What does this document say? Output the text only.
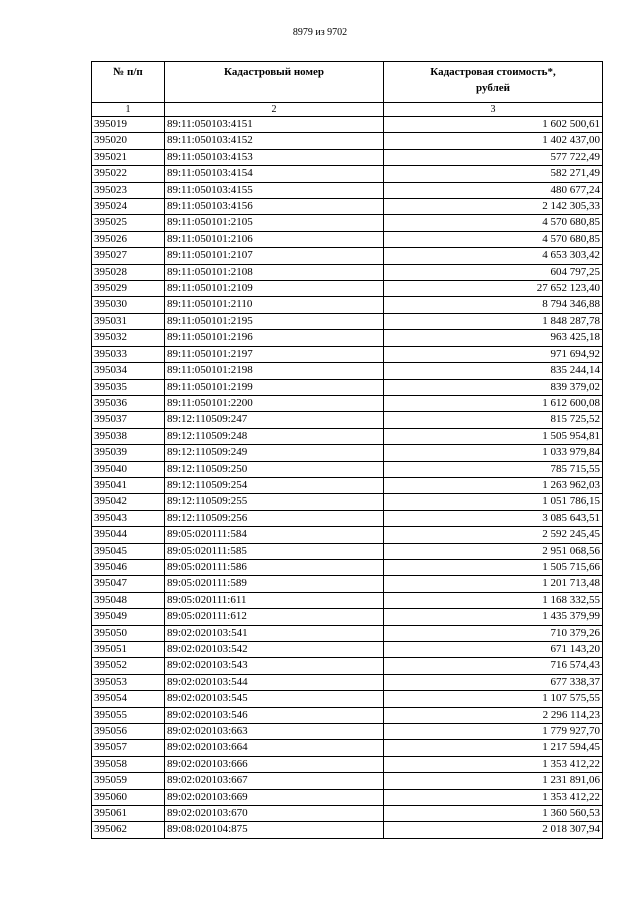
8979 из 9702
№ п/п	Кадастровый номер	Кадастровая стоимость*,
рублей
1	2	3
395019	89:11:050103:4151	1 602 500,61
395020	89:11:050103:4152	1 402 437,00
395021	89:11:050103:4153	577 722,49
395022	89:11:050103:4154	582 271,49
395023	89:11:050103:4155	480 677,24
395024	89:11:050103:4156	2 142 305,33
395025	89:11:050101:2105	4 570 680,85
395026	89:11:050101:2106	4 570 680,85
395027	89:11:050101:2107	4 653 303,42
395028	89:11:050101:2108	604 797,25
395029	89:11:050101:2109	27 652 123,40
395030	89:11:050101:2110	8 794 346,88
395031	89:11:050101:2195	1 848 287,78
395032	89:11:050101:2196	963 425,18
395033	89:11:050101:2197	971 694,92
395034	89:11:050101:2198	835 244,14
395035	89:11:050101:2199	839 379,02
395036	89:11:050101:2200	1 612 600,08
395037	89:12:110509:247	815 725,52
395038	89:12:110509:248	1 505 954,81
395039	89:12:110509:249	1 033 979,84
395040	89:12:110509:250	785 715,55
395041	89:12:110509:254	1 263 962,03
395042	89:12:110509:255	1 051 786,15
395043	89:12:110509:256	3 085 643,51
395044	89:05:020111:584	2 592 245,45
395045	89:05:020111:585	2 951 068,56
395046	89:05:020111:586	1 505 715,66
395047	89:05:020111:589	1 201 713,48
395048	89:05:020111:611	1 168 332,55
395049	89:05:020111:612	1 435 379,99
395050	89:02:020103:541	710 379,26
395051	89:02:020103:542	671 143,20
395052	89:02:020103:543	716 574,43
395053	89:02:020103:544	677 338,37
395054	89:02:020103:545	1 107 575,55
395055	89:02:020103:546	2 296 114,23
395056	89:02:020103:663	1 779 927,70
395057	89:02:020103:664	1 217 594,45
395058	89:02:020103:666	1 353 412,22
395059	89:02:020103:667	1 231 891,06
395060	89:02:020103:669	1 353 412,22
395061	89:02:020103:670	1 360 560,53
395062	89:08:020104:875	2 018 307,94
